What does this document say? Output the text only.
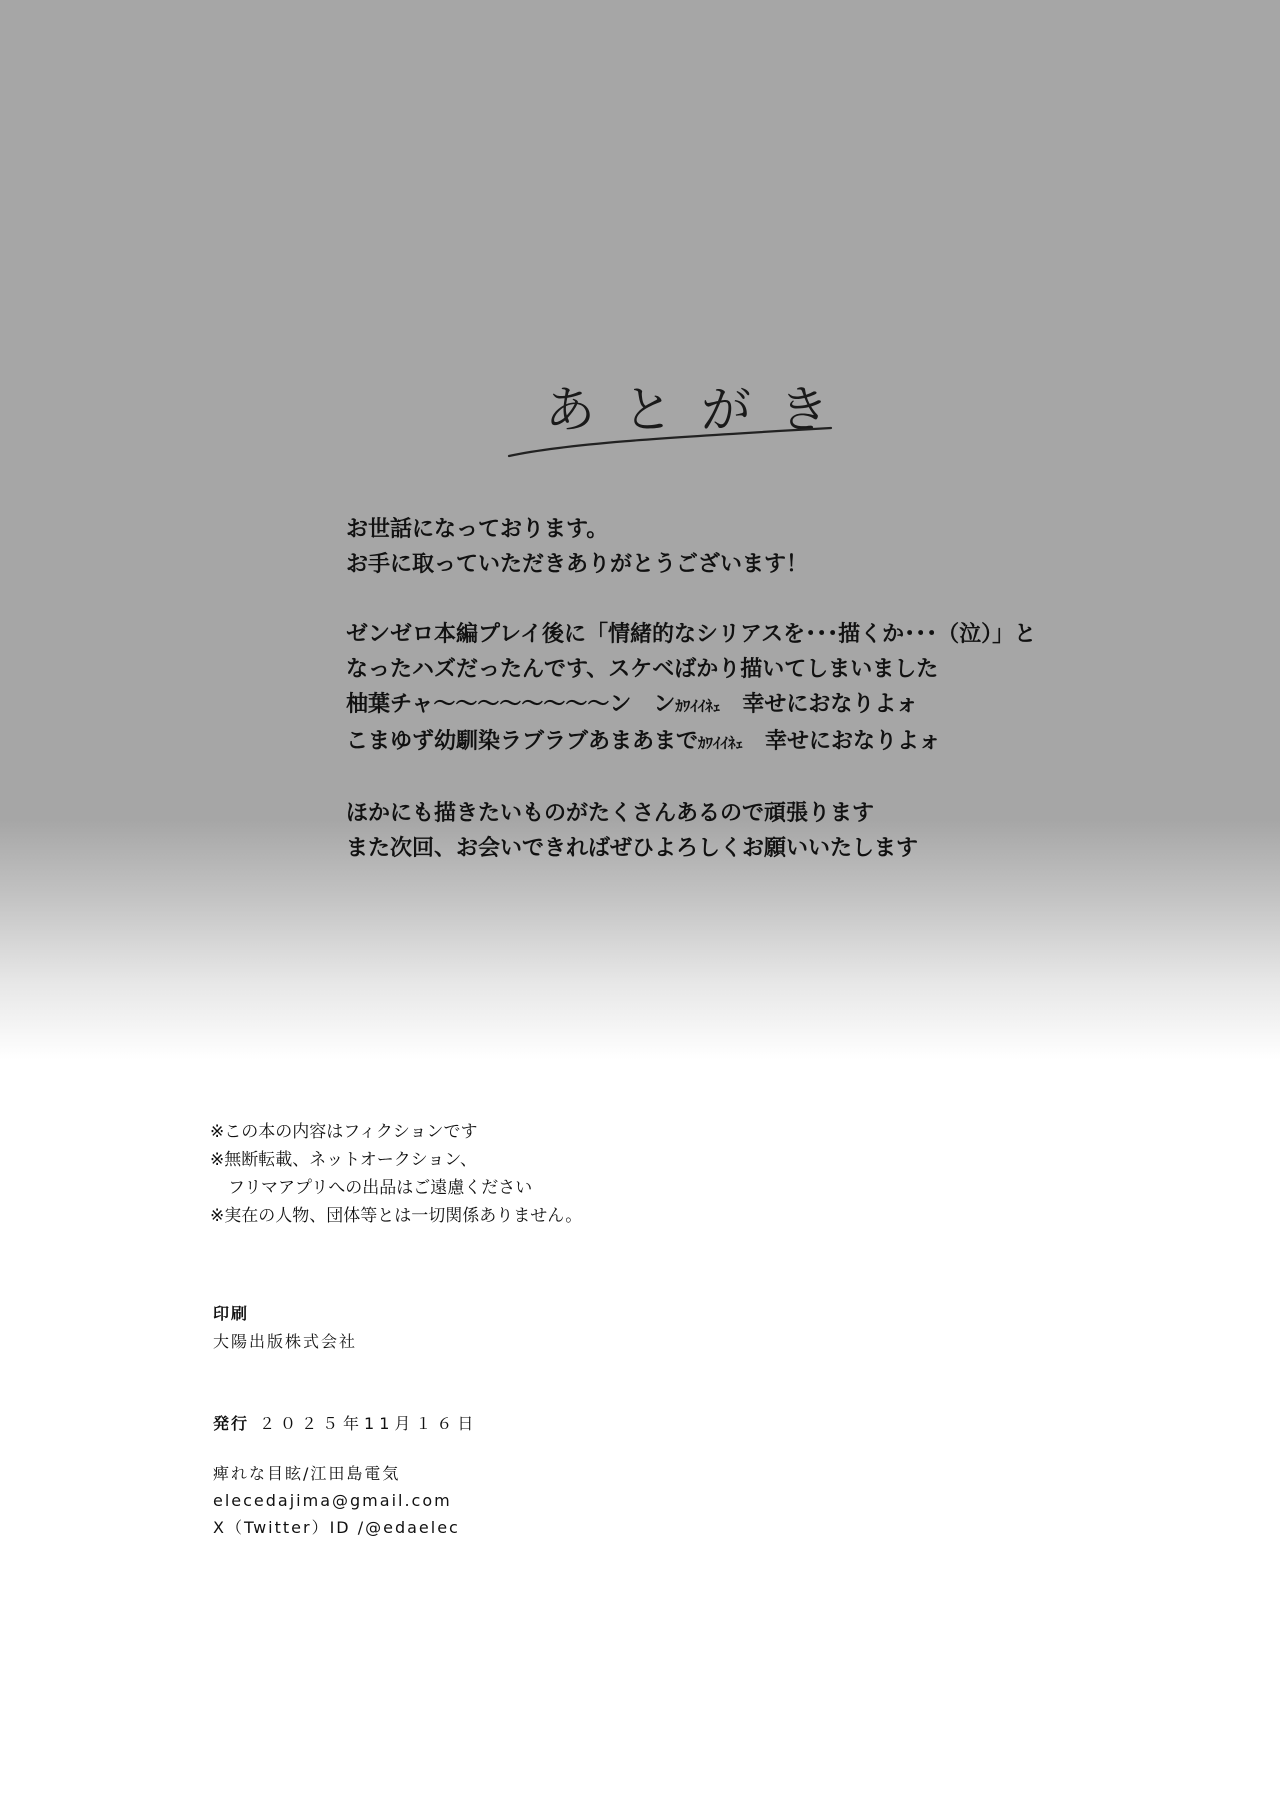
あとがき

お世話になっております。

お手に取っていただきありがとうございます！

ゼンゼロ本編プレイ後に「情緒的なシリアスを･･･描くか･･･（泣）」と

なったハズだったんです、スケベばかり描いてしまいました

柚葉チャ～～～～～～～～ン　ンｶﾜｲｲﾈｪ　幸せにおなりよォ

こまゆず幼馴染ラブラブあまあまでｶﾜｲｲﾈｪ　幸せにおなりよォ

ほかにも描きたいものがたくさんあるので頑張ります

また次回、お会いできればぜひよろしくお願いいたします

※この本の内容はフィクションです

※無断転載、ネットオークション、

フリマアプリへの出品はご遠慮ください

※実在の人物、団体等とは一切関係ありません。

印刷

大陽出版株式会社

発行 ２０２５年11月１６日

痺れな目眩/江田島電気

elecedajima@gmail.com

X（Twitter）ID /@edaelec
